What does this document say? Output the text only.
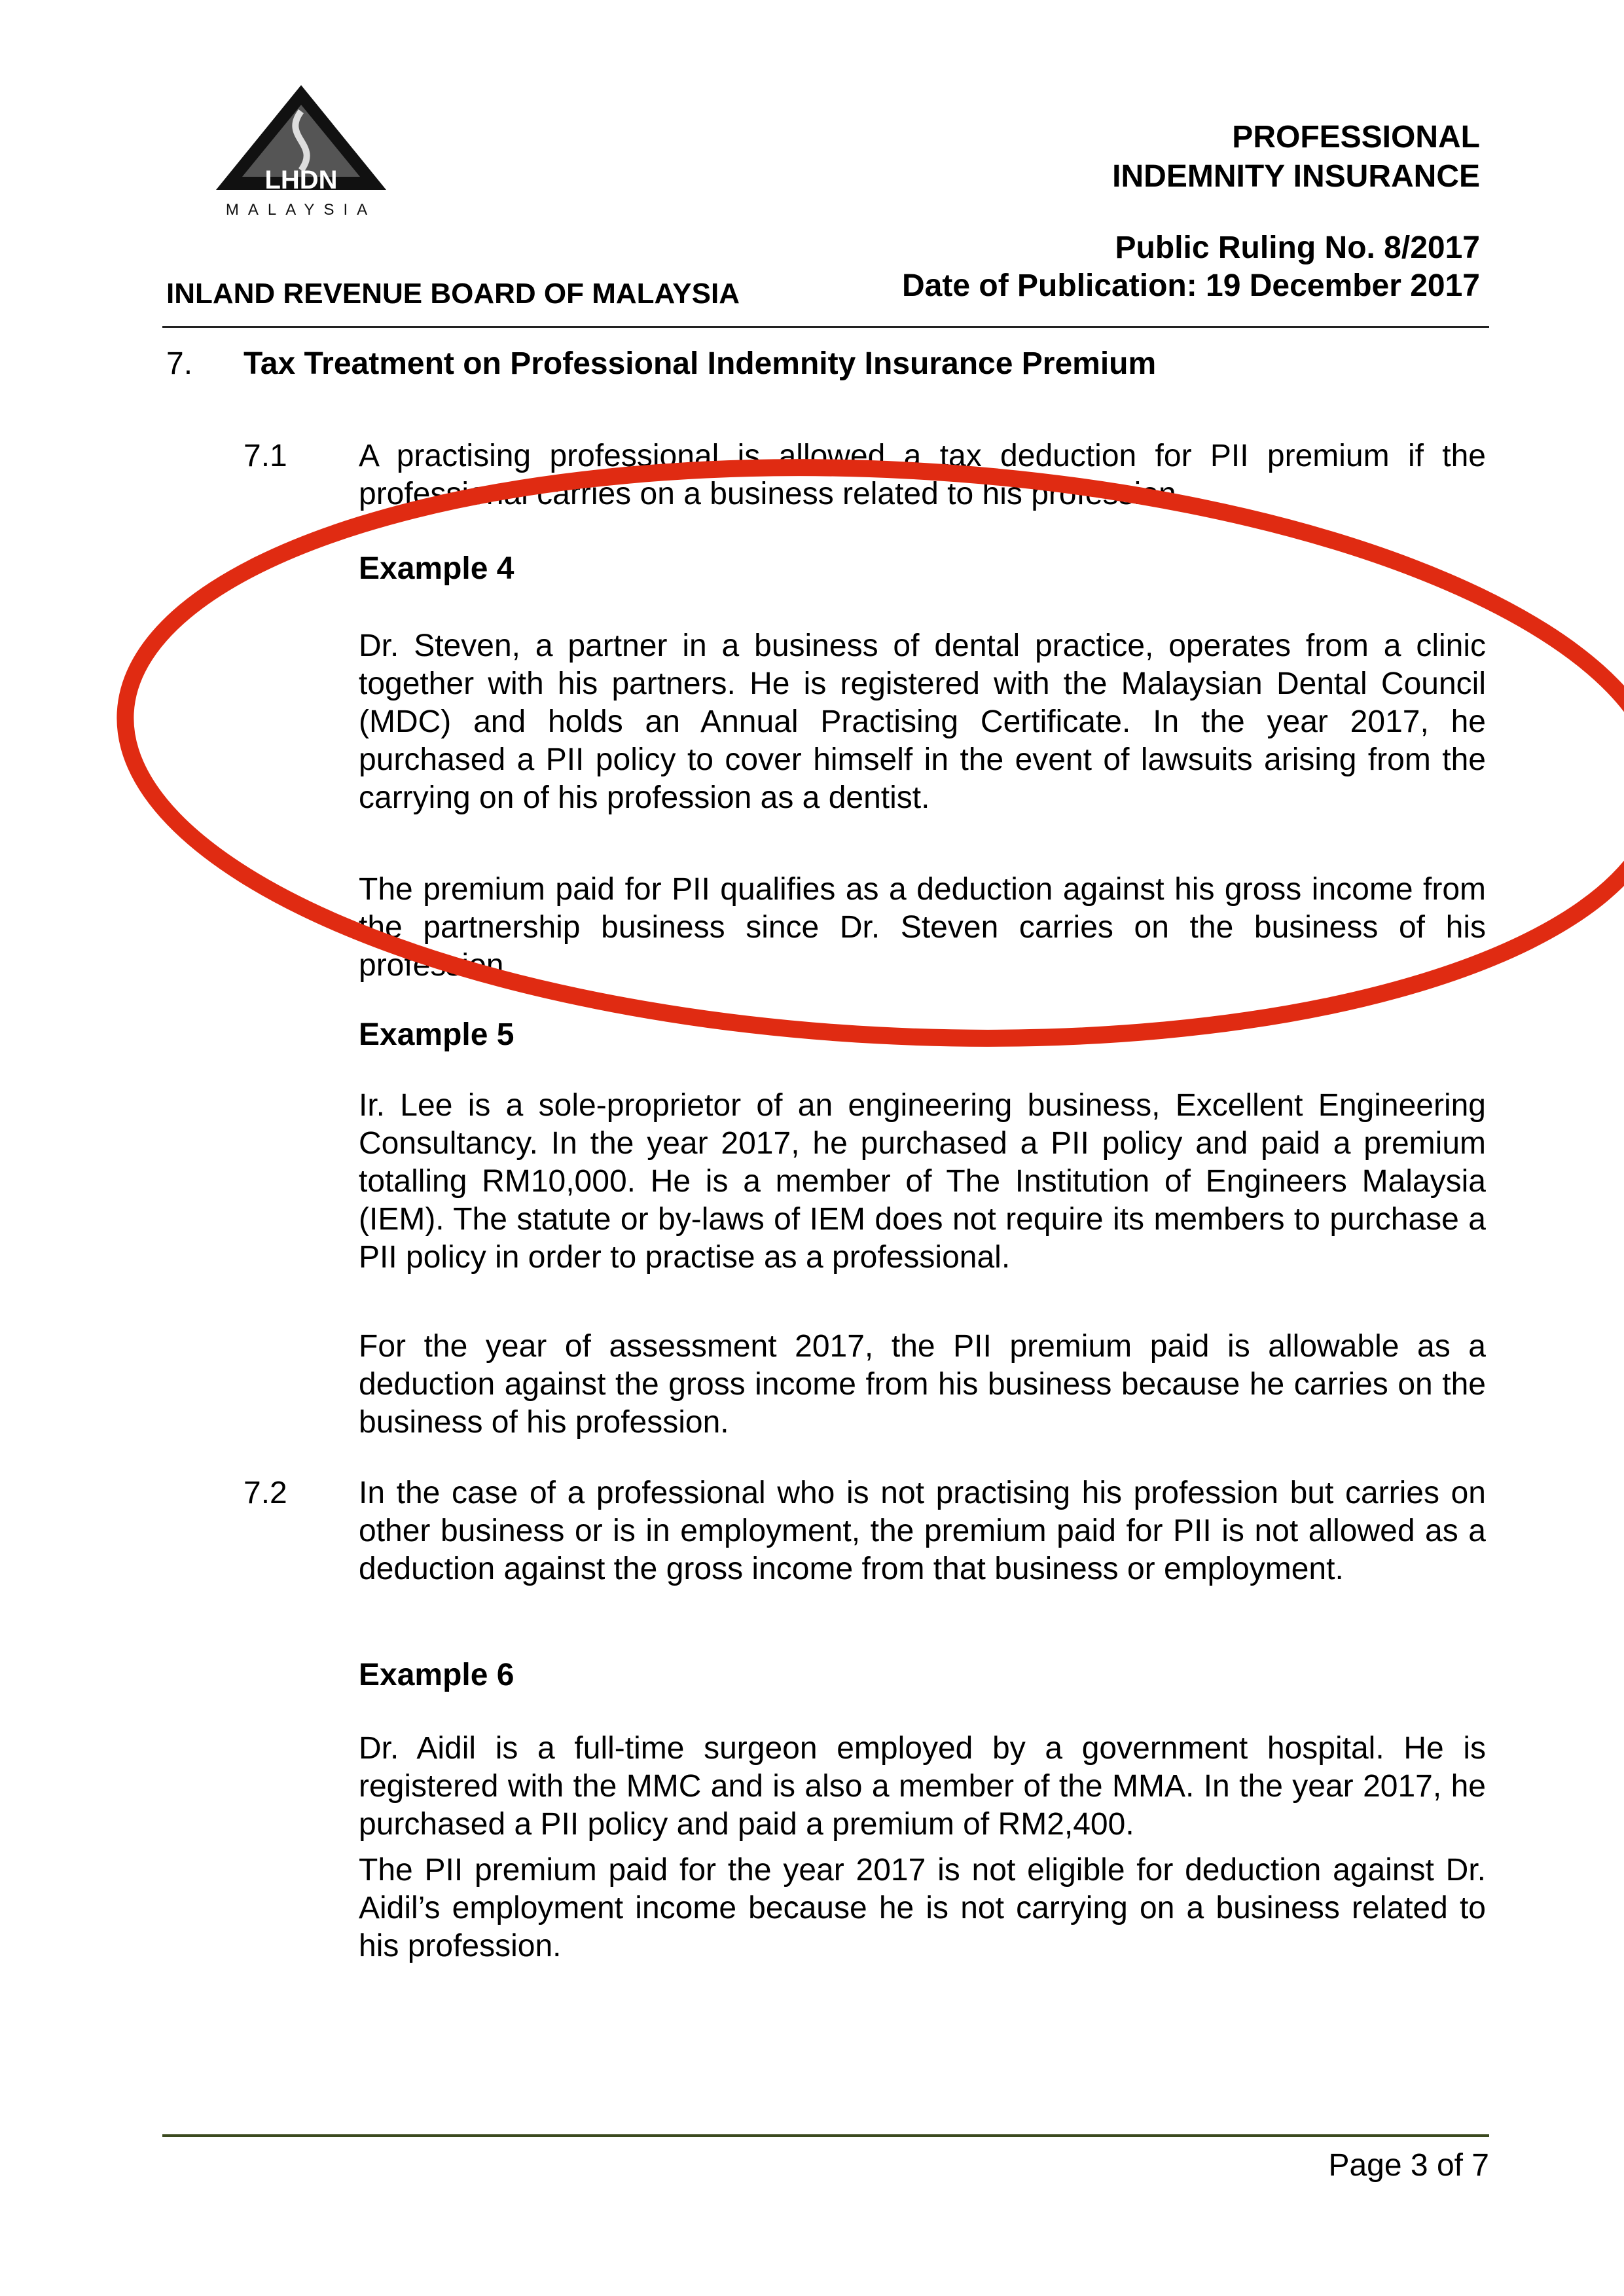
LHDN
MALAYSIA
PROFESSIONAL
INDEMNITY INSURANCE
Public Ruling No. 8/2017
Date of Publication: 19 December 2017
INLAND REVENUE BOARD OF MALAYSIA
7. Tax Treatment on Professional Indemnity Insurance Premium
7.1 A practising professional is allowed a tax deduction for PII premium if the professional carries on a business related to his profession.
Example 4
Dr. Steven, a partner in a business of dental practice, operates from a clinic together with his partners. He is registered with the Malaysian Dental Council (MDC) and holds an Annual Practising Certificate. In the year 2017, he purchased a PII policy to cover himself in the event of lawsuits arising from the carrying on of his profession as a dentist.
The premium paid for PII qualifies as a deduction against his gross income from the partnership business since Dr. Steven carries on the business of his profession.
Example 5
Ir. Lee is a sole-proprietor of an engineering business, Excellent Engineering Consultancy. In the year 2017, he purchased a PII policy and paid a premium totalling RM10,000. He is a member of The Institution of Engineers Malaysia (IEM). The statute or by-laws of IEM does not require its members to purchase a PII policy in order to practise as a professional.
For the year of assessment 2017, the PII premium paid is allowable as a deduction against the gross income from his business because he carries on the business of his profession.
7.2 In the case of a professional who is not practising his profession but carries on other business or is in employment, the premium paid for PII is not allowed as a deduction against the gross income from that business or employment.
Example 6
Dr. Aidil is a full-time surgeon employed by a government hospital. He is registered with the MMC and is also a member of the MMA. In the year 2017, he purchased a PII policy and paid a premium of RM2,400.
The PII premium paid for the year 2017 is not eligible for deduction against Dr. Aidil’s employment income because he is not carrying on a business related to his profession.
Page 3 of 7
